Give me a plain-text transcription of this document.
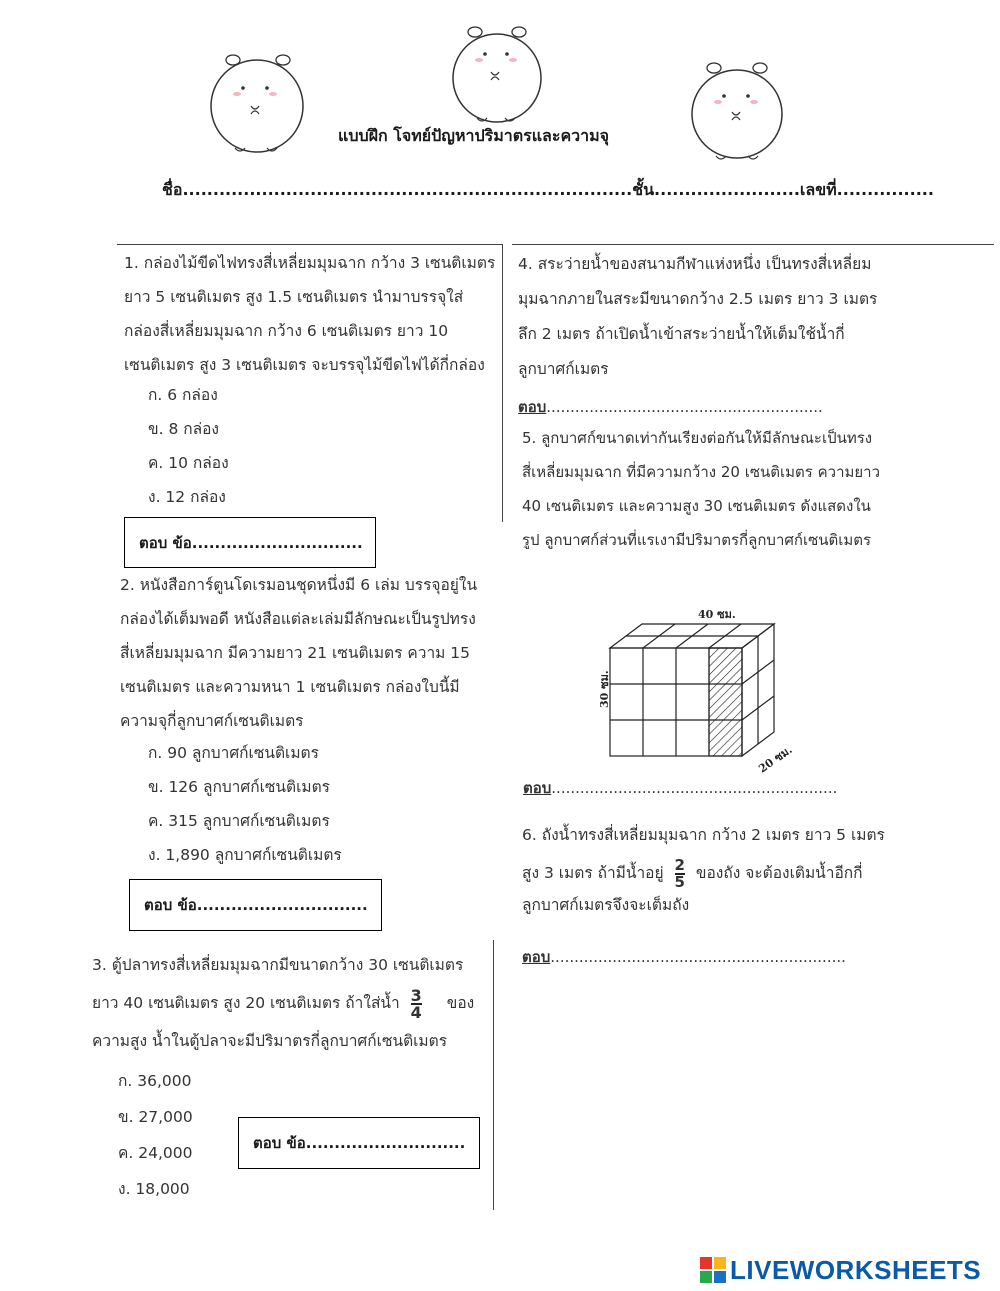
แบบฝึก โจทย์ปัญหาปริมาตรและความจุ
ชื่อ..........................................................................ชั้น........................เลขที่................
1. กล่องไม้ขีดไฟทรงสี่เหลี่ยมมุมฉาก กว้าง 3 เซนติเมตร
ยาว 5 เซนติเมตร สูง 1.5 เซนติเมตร นำมาบรรจุใส่
กล่องสี่เหลี่ยมมุมฉาก กว้าง 6 เซนติเมตร ยาว 10
เซนติเมตร สูง 3 เซนติเมตร จะบรรจุไม้ขีดไฟได้กี่กล่อง
ก. 6 กล่อง
ข. 8 กล่อง
ค. 10 กล่อง
ง. 12 กล่อง
ตอบ ข้อ..............................
2. หนังสือการ์ตูนโดเรมอนชุดหนึ่งมี 6 เล่ม บรรจุอยู่ใน
กล่องได้เต็มพอดี หนังสือแต่ละเล่มมีลักษณะเป็นรูปทรง
สี่เหลี่ยมมุมฉาก มีความยาว 21 เซนติเมตร ความ 15
เซนติเมตร และความหนา 1 เซนติเมตร กล่องใบนี้มี
ความจุกี่ลูกบาศก์เซนติเมตร
ก. 90 ลูกบาศก์เซนติเมตร
ข. 126 ลูกบาศก์เซนติเมตร
ค. 315 ลูกบาศก์เซนติเมตร
ง. 1,890 ลูกบาศก์เซนติเมตร
ตอบ ข้อ..............................
3. ตู้ปลาทรงสี่เหลี่ยมมุมฉากมีขนาดกว้าง 30 เซนติเมตร
ยาว 40 เซนติเมตร สูง 20 เซนติเมตร ถ้าใส่น้ำ $\frac{3}{4}$ ของ
ความสูง น้ำในตู้ปลาจะมีปริมาตรกี่ลูกบาศก์เซนติเมตร
ก. 36,000
ข. 27,000
ค. 24,000
ง. 18,000
ตอบ ข้อ............................
4. สระว่ายน้ำของสนามกีฬาแห่งหนึ่ง เป็นทรงสี่เหลี่ยม
มุมฉากภายในสระมีขนาดกว้าง 2.5 เมตร ยาว 3 เมตร
ลึก 2 เมตร ถ้าเปิดน้ำเข้าสระว่ายน้ำให้เต็มใช้น้ำกี่
ลูกบาศก์เมตร
ตอบ..........................................................
5. ลูกบาศก์ขนาดเท่ากันเรียงต่อกันให้มีลักษณะเป็นทรง
สี่เหลี่ยมมุมฉาก ที่มีความกว้าง 20 เซนติเมตร ความยาว
40 เซนติเมตร และความสูง 30 เซนติเมตร ดังแสดงใน
รูป ลูกบาศก์ส่วนที่แรเงามีปริมาตรกี่ลูกบาศก์เซนติเมตร
40 ซม.
30 ซม.
20 ซม.
ตอบ............................................................
6. ถังน้ำทรงสี่เหลี่ยมมุมฉาก กว้าง 2 เมตร ยาว 5 เมตร
สูง 3 เมตร ถ้ามีน้ำอยู่ $\frac{2}{5}$ ของถัง จะต้องเติมน้ำอีกกี่
ลูกบาศก์เมตรจึงจะเต็มถัง
ตอบ..............................................................
LIVEWORKSHEETS
